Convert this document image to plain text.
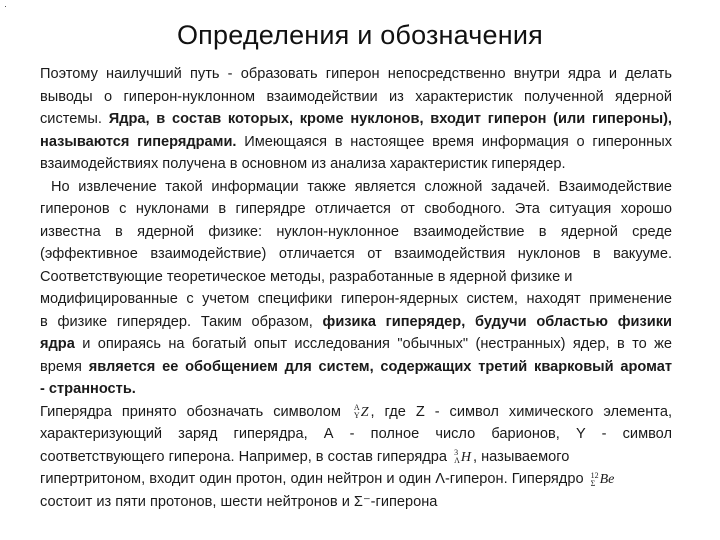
·
Определения и обозначения
Поэтому наилучший путь - образовать гиперон непосредственно внутри ядра и делать
выводы о гиперон-нуклонном взаимодействии из характеристик полученной ядерной
системы. Ядра, в состав которых, кроме нуклонов, входит гиперон (или гипероны),
называются гиперядрами. Имеющаяся в настоящее время информация о гиперонных
взаимодействиях получена в основном из анализа характеристик гиперядер.
Но извлечение такой информации также является сложной задачей. Взаимодействие
гиперонов с нуклонами в гиперядре отличается от свободного. Эта ситуация хорошо
известна в ядерной физике: нуклон-нуклонное взаимодействие в ядерной среде
(эффективное взаимодействие) отличается от взаимодействия нуклонов в вакууме.
Соответствующие теоретическое методы, разработанные в ядерной физике и
модифицированные с учетом специфики гиперон-ядерных систем, находят применение
в физике гиперядер. Таким образом, физика гиперядер, будучи областью физики
ядра и опираясь на богатый опыт исследования "обычных" (нестранных) ядер, в то же
время является ее обобщением для систем, содержащих третий кварковый аромат
- странность.
Гиперядра принято обозначать символом A
Y Z , где Z - символ химического элемента,
характеризующий заряд гиперядра, А - полное число барионов, Y - символ
соответствующего гиперона. Например, в состав гиперядра 3
Λ H , называемого
гипертритоном, входит один протон, один нейтрон и один Λ-гиперон. Гиперядро 12
Σ Be
состоит из пяти протонов, шести нейтронов и Σ⁻-гиперона
